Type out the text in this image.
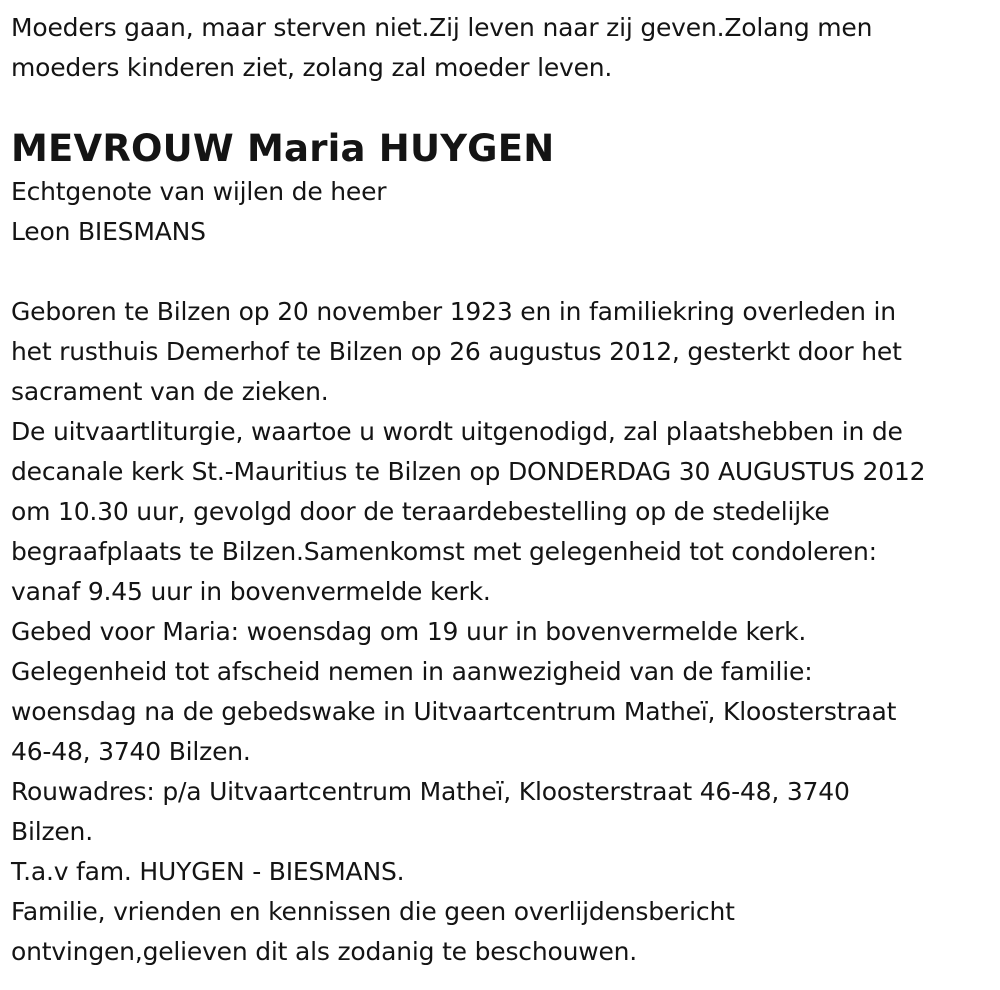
Moeders gaan, maar sterven niet.Zij leven naar zij geven.Zolang men
moeders kinderen ziet, zolang zal moeder leven.
MEVROUW Maria HUYGEN
Echtgenote van wijlen de heer
Leon BIESMANS
Geboren te Bilzen op 20 november 1923 en in familiekring overleden in
het rusthuis Demerhof te Bilzen op 26 augustus 2012, gesterkt door het
sacrament van de zieken.
De uitvaartliturgie, waartoe u wordt uitgenodigd, zal plaatshebben in de
decanale kerk St.-Mauritius te Bilzen op DONDERDAG 30 AUGUSTUS 2012
om 10.30 uur, gevolgd door de teraardebestelling op de stedelijke
begraafplaats te Bilzen.Samenkomst met gelegenheid tot condoleren:
vanaf 9.45 uur in bovenvermelde kerk.
Gebed voor Maria: woensdag om 19 uur in bovenvermelde kerk.
Gelegenheid tot afscheid nemen in aanwezigheid van de familie:
woensdag na de gebedswake in Uitvaartcentrum Matheï, Kloosterstraat
46-48, 3740 Bilzen.
Rouwadres: p/a Uitvaartcentrum Matheï, Kloosterstraat 46-48, 3740
Bilzen.
T.a.v fam. HUYGEN - BIESMANS.
Familie, vrienden en kennissen die geen overlijdensbericht
ontvingen,gelieven dit als zodanig te beschouwen.
